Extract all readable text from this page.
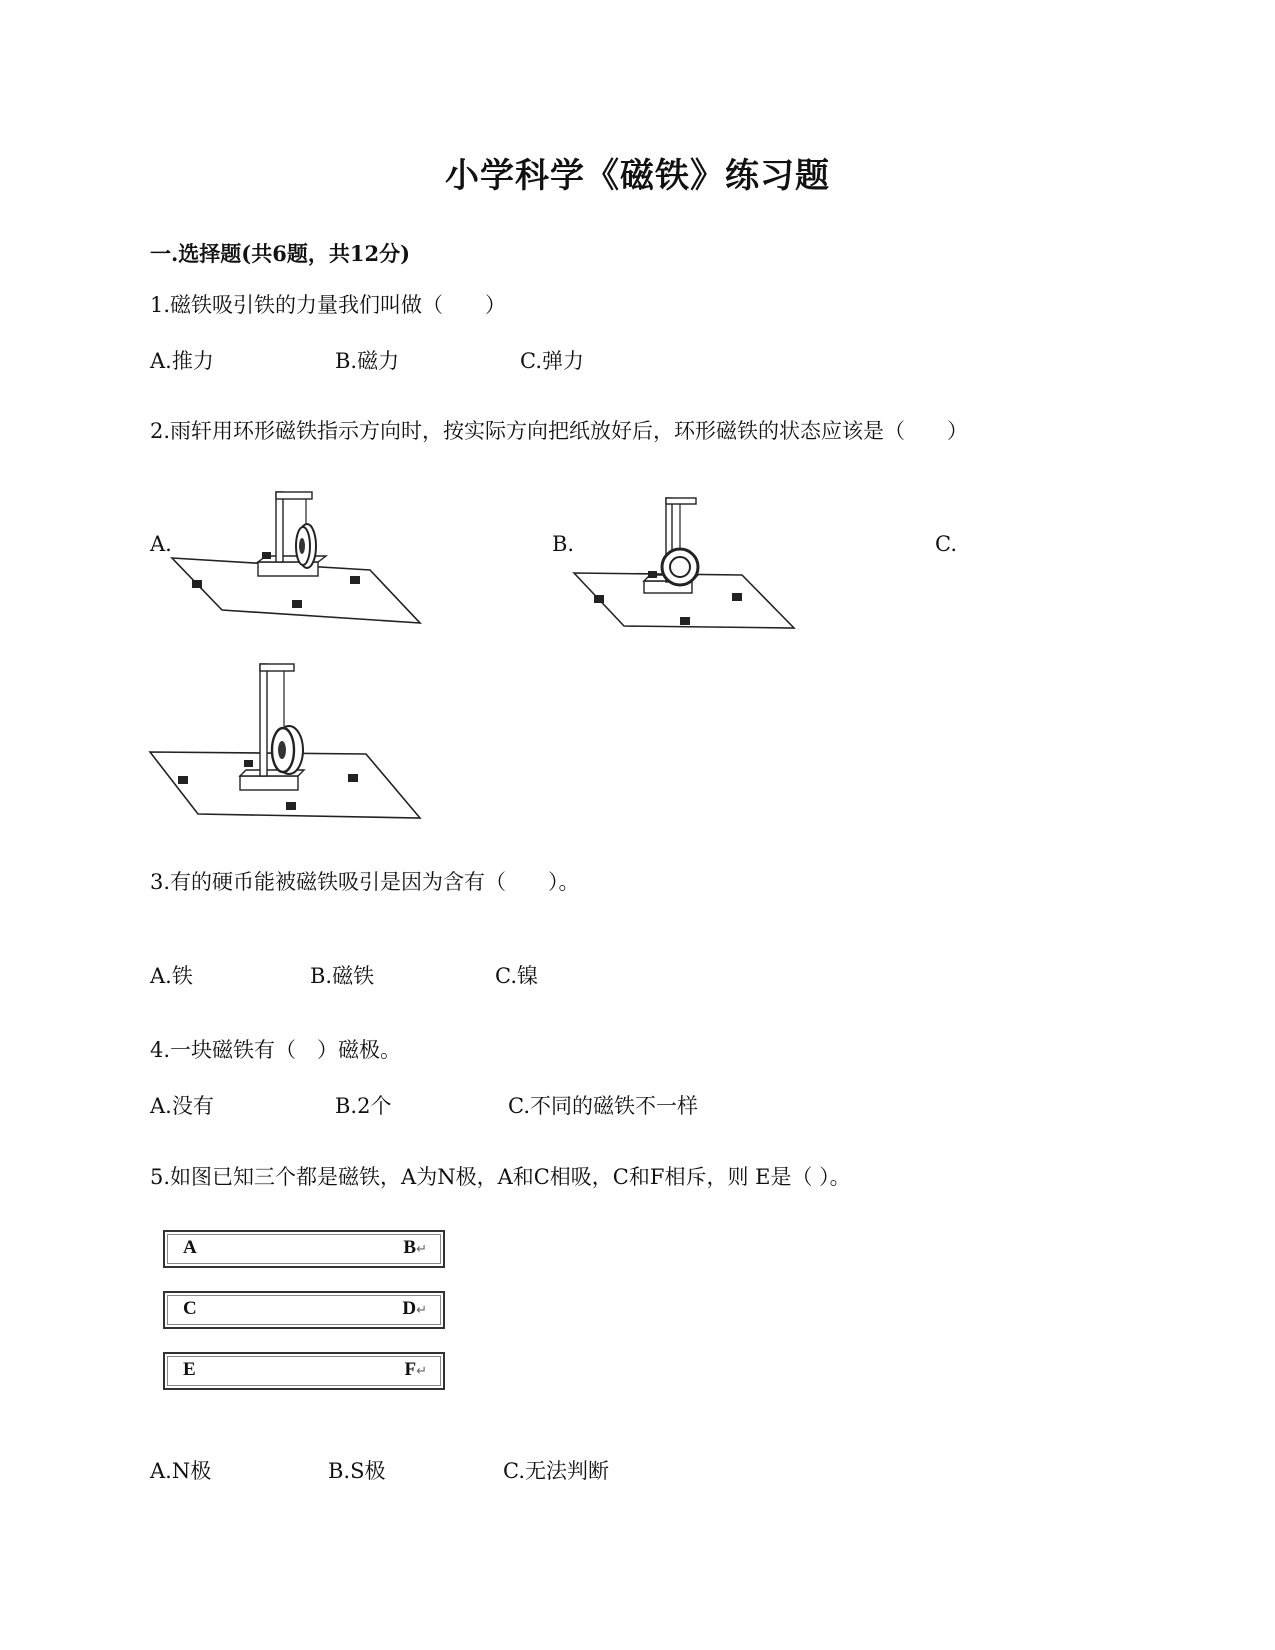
小学科学《磁铁》练习题
一.选择题(共6题，共12分)
1.磁铁吸引铁的力量我们叫做（　　）
A.推力	B.磁力	C.弹力
2.雨轩用环形磁铁指示方向时，按实际方向把纸放好后，环形磁铁的状态应该是（　　）
A.	B.	C.
3.有的硬币能被磁铁吸引是因为含有（　　）。
A.铁	B.磁铁	C.镍
4.一块磁铁有（　）磁极。
A.没有	B.2个	C.不同的磁铁不一样
5.如图已知三个都是磁铁，A为N极，A和C相吸，C和F相斥，则 E是（ ）。
A	B↵
C	D↵
E	F↵
A.N极	B.S极	C.无法判断
